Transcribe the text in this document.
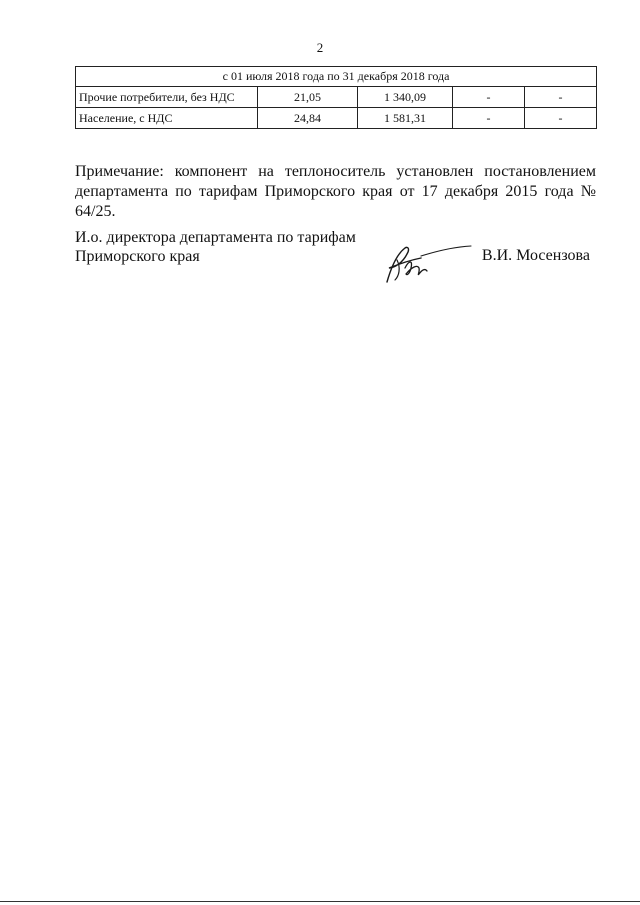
2
с 01 июля 2018 года по 31 декабря 2018 года				
Прочие потребители, без НДС	21,05	1 340,09	-	-
Население, с НДС	24,84	1 581,31	-	-

Примечание: компонент на теплоноситель установлен постановлением департамента по тарифам Приморского края от 17 декабря 2015 года № 64/25.

И.о. директора департамента по тарифам
Приморского края	В.И. Мосензова
